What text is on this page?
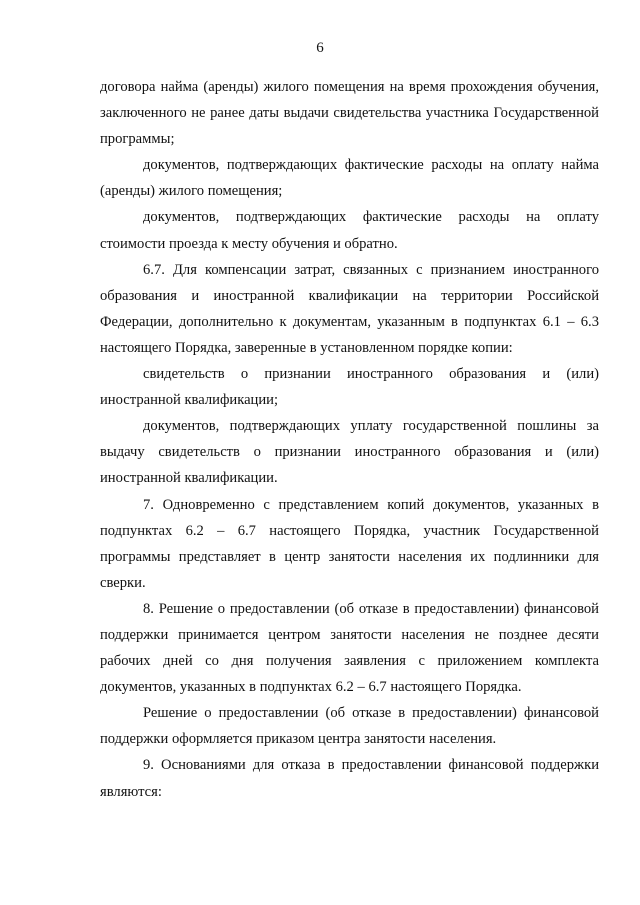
6

договора найма (аренды) жилого помещения на время прохождения обучения, заключенного не ранее даты выдачи свидетельства участника Государственной программы;

документов, подтверждающих фактические расходы на оплату найма (аренды) жилого помещения;

документов, подтверждающих фактические расходы на оплату стоимости проезда к месту обучения и обратно.

6.7. Для компенсации затрат, связанных с признанием иностранного образования и иностранной квалификации на территории Российской Федерации, дополнительно к документам, указанным в подпунктах 6.1 – 6.3 настоящего Порядка, заверенные в установленном порядке копии:

свидетельств о признании иностранного образования и (или) иностранной квалификации;

документов, подтверждающих уплату государственной пошлины за выдачу свидетельств о признании иностранного образования и (или) иностранной квалификации.

7. Одновременно с представлением копий документов, указанных в подпунктах 6.2 – 6.7 настоящего Порядка, участник Государственной программы представляет в центр занятости населения их подлинники для сверки.

8. Решение о предоставлении (об отказе в предоставлении) финансовой поддержки принимается центром занятости населения не позднее десяти рабочих дней со дня получения заявления с приложением комплекта документов, указанных в подпунктах 6.2 – 6.7 настоящего Порядка.

Решение о предоставлении (об отказе в предоставлении) финансовой поддержки оформляется приказом центра занятости населения.

9. Основаниями для отказа в предоставлении финансовой поддержки являются:
